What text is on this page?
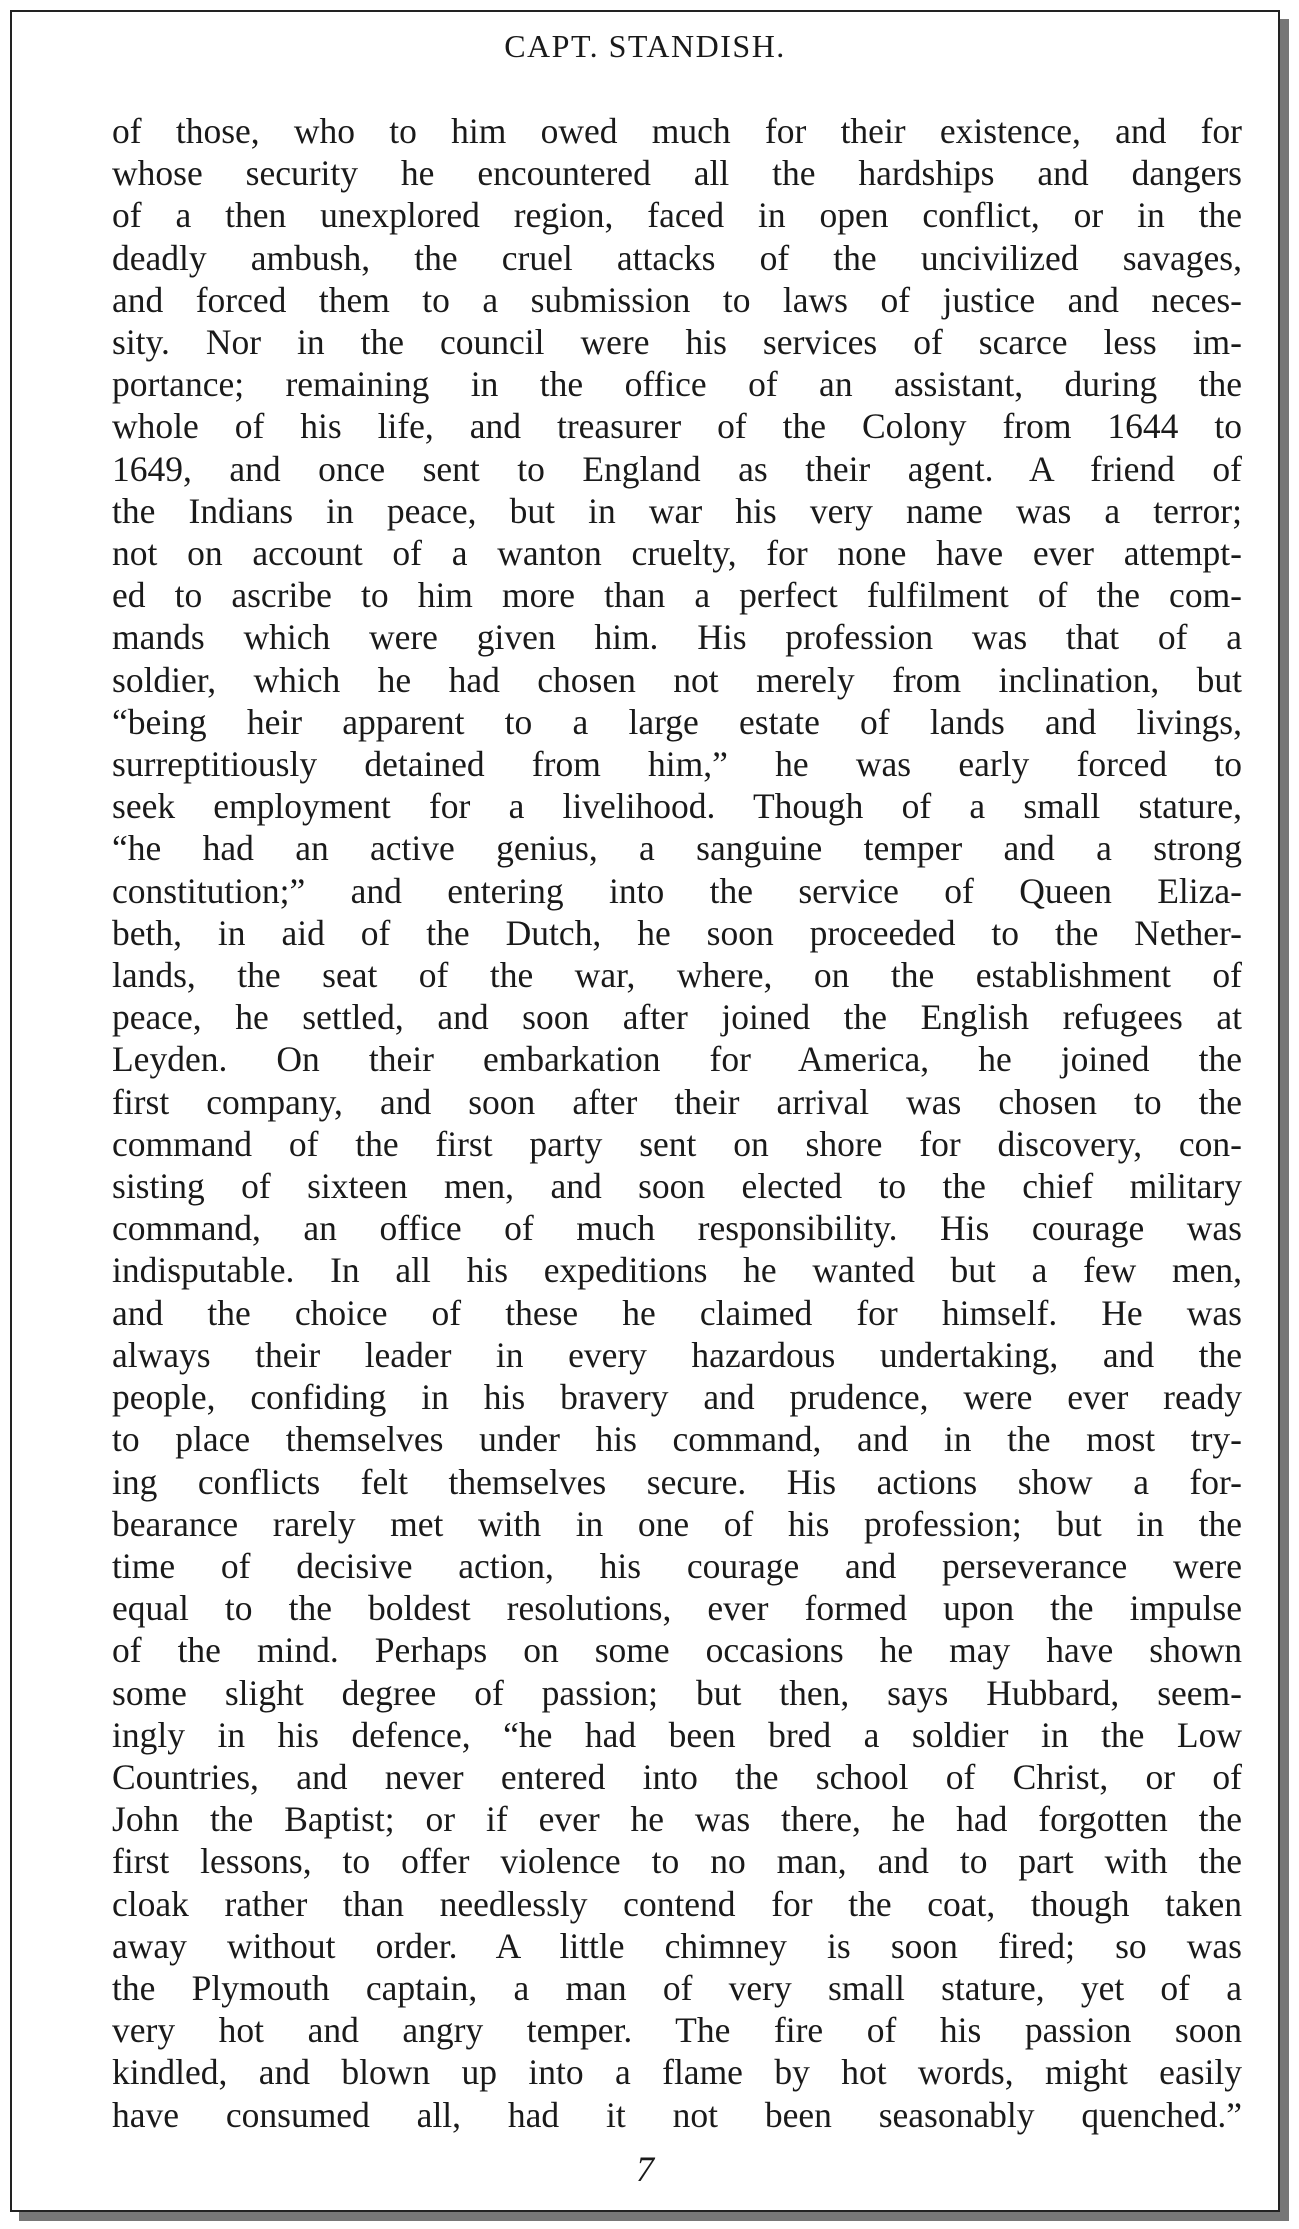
CAPT. STANDISH.
of those, who to him owed much for their existence, and for
whose security he encountered all the hardships and dangers
of a then unexplored region, faced in open conflict, or in the
deadly ambush, the cruel attacks of the uncivilized savages,
and forced them to a submission to laws of justice and neces-
sity. Nor in the council were his services of scarce less im-
portance; remaining in the office of an assistant, during the
whole of his life, and treasurer of the Colony from 1644 to
1649, and once sent to England as their agent. A friend of
the Indians in peace, but in war his very name was a terror;
not on account of a wanton cruelty, for none have ever attempt-
ed to ascribe to him more than a perfect fulfilment of the com-
mands which were given him. His profession was that of a
soldier, which he had chosen not merely from inclination, but
“being heir apparent to a large estate of lands and livings,
surreptitiously detained from him,” he was early forced to
seek employment for a livelihood. Though of a small stature,
“he had an active genius, a sanguine temper and a strong
constitution;” and entering into the service of Queen Eliza-
beth, in aid of the Dutch, he soon proceeded to the Nether-
lands, the seat of the war, where, on the establishment of
peace, he settled, and soon after joined the English refugees at
Leyden. On their embarkation for America, he joined the
first company, and soon after their arrival was chosen to the
command of the first party sent on shore for discovery, con-
sisting of sixteen men, and soon elected to the chief military
command, an office of much responsibility. His courage was
indisputable. In all his expeditions he wanted but a few men,
and the choice of these he claimed for himself. He was
always their leader in every hazardous undertaking, and the
people, confiding in his bravery and prudence, were ever ready
to place themselves under his command, and in the most try-
ing conflicts felt themselves secure. His actions show a for-
bearance rarely met with in one of his profession; but in the
time of decisive action, his courage and perseverance were
equal to the boldest resolutions, ever formed upon the impulse
of the mind. Perhaps on some occasions he may have shown
some slight degree of passion; but then, says Hubbard, seem-
ingly in his defence, “he had been bred a soldier in the Low
Countries, and never entered into the school of Christ, or of
John the Baptist; or if ever he was there, he had forgotten the
first lessons, to offer violence to no man, and to part with the
cloak rather than needlessly contend for the coat, though taken
away without order. A little chimney is soon fired; so was
the Plymouth captain, a man of very small stature, yet of a
very hot and angry temper. The fire of his passion soon
kindled, and blown up into a flame by hot words, might easily
have consumed all, had it not been seasonably quenched.”
7
